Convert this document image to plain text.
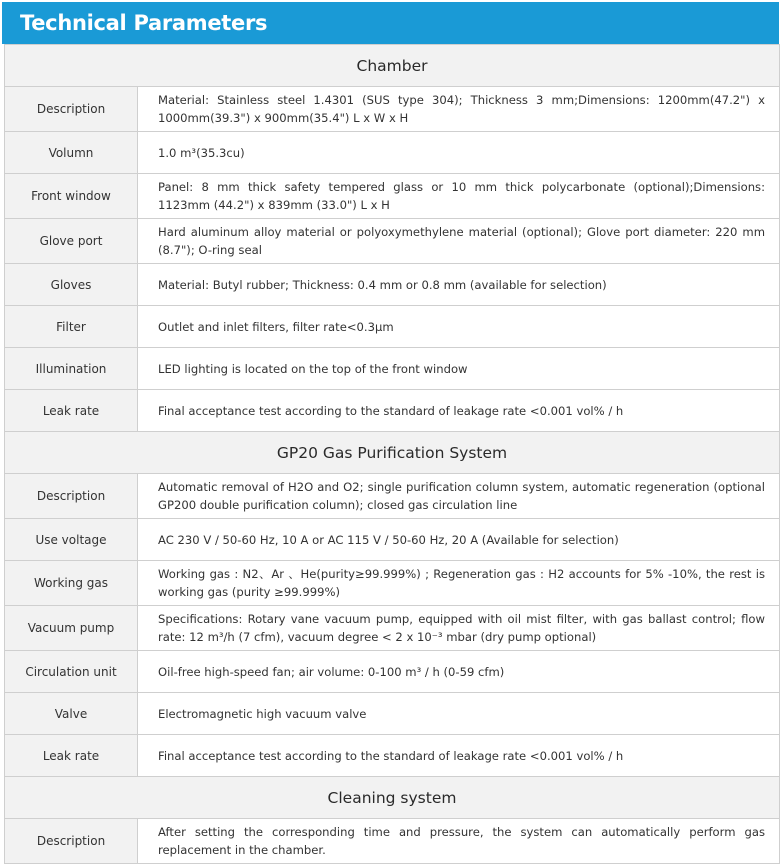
Technical Parameters
Chamber	
Description	Material: Stainless steel 1.4301 (SUS type 304); Thickness 3 mm;Dimensions: 1200mm(47.2") x 1000mm(39.3") x 900mm(35.4") L x W x H
Volumn	1.0 m³(35.3cu)
Front window	Panel: 8 mm thick safety tempered glass or 10 mm thick polycarbonate (optional);Dimensions: 1123mm (44.2") x 839mm (33.0") L x H
Glove port	Hard aluminum alloy material or polyoxymethylene material (optional); Glove port diameter: 220 mm (8.7"); O-ring seal
Gloves	Material: Butyl rubber; Thickness: 0.4 mm or 0.8 mm (available for selection)
Filter	Outlet and inlet filters, filter rate<0.3μm
Illumination	LED lighting is located on the top of the front window
Leak rate	Final acceptance test according to the standard of leakage rate <0.001 vol% / h
GP20 Gas Purification System	
Description	Automatic removal of H2O and O2; single purification column system, automatic regeneration (optional GP200 double purification column); closed gas circulation line
Use voltage	AC 230 V / 50-60 Hz, 10 A or AC 115 V / 50-60 Hz, 20 A (Available for selection)
Working gas	Working gas : N2、Ar 、He(purity≥99.999%) ; Regeneration gas : H2 accounts for 5% -10%, the rest is working gas (purity ≥99.999%)
Vacuum pump	Specifications: Rotary vane vacuum pump, equipped with oil mist filter, with gas ballast control; flow rate: 12 m³/h (7 cfm), vacuum degree < 2 x 10⁻³ mbar (dry pump optional)
Circulation unit	Oil-free high-speed fan; air volume: 0-100 m³ / h (0-59 cfm)
Valve	Electromagnetic high vacuum valve
Leak rate	Final acceptance test according to the standard of leakage rate <0.001 vol% / h
Cleaning system	
Description	After setting the corresponding time and pressure, the system can automatically perform gas replacement in the chamber.
